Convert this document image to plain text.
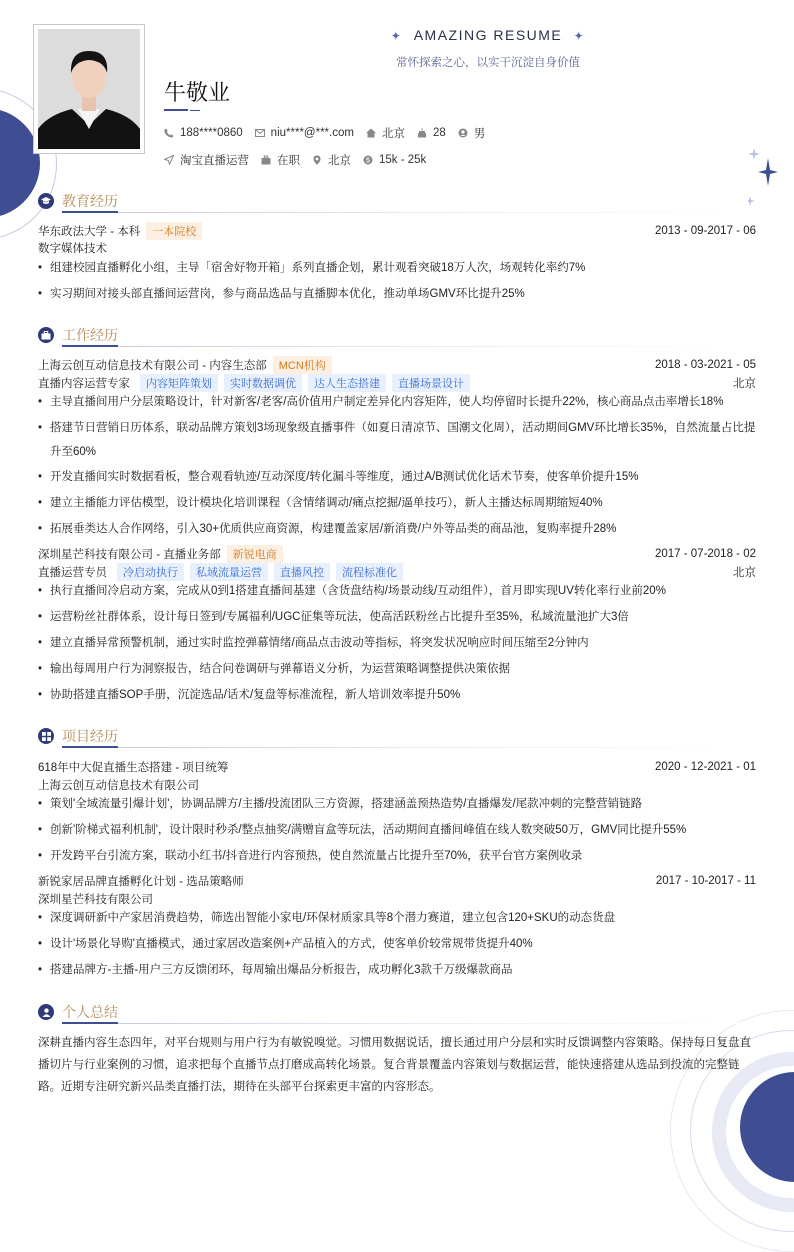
✦ AMAZING RESUME ✦
常怀探索之心，以实干沉淀自身价值
牛敬业
188****0860 niu****@***.com 北京 28 男
淘宝直播运营 在职 北京 $ 15k - 25k
教育经历
华东政法大学 - 本科	一本院校	2013 - 09-2017 - 06
数字媒体技术
• 组建校园直播孵化小组，主导「宿舍好物开箱」系列直播企划，累计观看突破18万人次，场观转化率约7%
• 实习期间对接头部直播间运营岗，参与商品选品与直播脚本优化，推动单场GMV环比提升25%
工作经历
上海云创互动信息技术有限公司 - 内容生态部	MCN机构	2018 - 03-2021 - 05
直播内容运营专家	内容矩阵策划	实时数据调优	达人生态搭建	直播场景设计	北京
• 主导直播间用户分层策略设计，针对新客/老客/高价值用户制定差异化内容矩阵，使人均停留时长提升22%，核心商品点击率增长18%
• 搭建节日营销日历体系，联动品牌方策划3场现象级直播事件（如夏日清凉节、国潮文化周），活动期间GMV环比增长35%，自然流量占比提升至60%
• 开发直播间实时数据看板，整合观看轨迹/互动深度/转化漏斗等维度，通过A/B测试优化话术节奏，使客单价提升15%
• 建立主播能力评估模型，设计模块化培训课程（含情绪调动/痛点挖掘/逼单技巧），新人主播达标周期缩短40%
• 拓展垂类达人合作网络，引入30+优质供应商资源，构建覆盖家居/新消费/户外等品类的商品池，复购率提升28%
深圳星芒科技有限公司 - 直播业务部	新锐电商	2017 - 07-2018 - 02
直播运营专员	冷启动执行	私域流量运营	直播风控	流程标准化	北京
• 执行直播间冷启动方案，完成从0到1搭建直播间基建（含货盘结构/场景动线/互动组件），首月即实现UV转化率行业前20%
• 运营粉丝社群体系，设计每日签到/专属福利/UGC征集等玩法，使高活跃粉丝占比提升至35%，私域流量池扩大3倍
• 建立直播异常预警机制，通过实时监控弹幕情绪/商品点击波动等指标，将突发状况响应时间压缩至2分钟内
• 输出每周用户行为洞察报告，结合问卷调研与弹幕语义分析，为运营策略调整提供决策依据
• 协助搭建直播SOP手册，沉淀选品/话术/复盘等标准流程，新人培训效率提升50%
项目经历
618年中大促直播生态搭建 - 项目统筹	2020 - 12-2021 - 01
上海云创互动信息技术有限公司
• 策划'全域流量引爆计划'，协调品牌方/主播/投流团队三方资源，搭建涵盖预热造势/直播爆发/尾款冲刺的完整营销链路
• 创新'阶梯式福利机制'，设计限时秒杀/整点抽奖/满赠盲盒等玩法，活动期间直播间峰值在线人数突破50万，GMV同比提升55%
• 开发跨平台引流方案，联动小红书/抖音进行内容预热，使自然流量占比提升至70%，获平台官方案例收录
新锐家居品牌直播孵化计划 - 选品策略师	2017 - 10-2017 - 11
深圳星芒科技有限公司
• 深度调研新中产家居消费趋势，筛选出智能小家电/环保材质家具等8个潜力赛道，建立包含120+SKU的动态货盘
• 设计'场景化导购'直播模式，通过家居改造案例+产品植入的方式，使客单价较常规带货提升40%
• 搭建品牌方-主播-用户三方反馈闭环，每周输出爆品分析报告，成功孵化3款千万级爆款商品
个人总结
深耕直播内容生态四年，对平台规则与用户行为有敏锐嗅觉。习惯用数据说话，擅长通过用户分层和实时反馈调整内容策略。保持每日复盘直播切片与行业案例的习惯，追求把每个直播节点打磨成高转化场景。复合背景覆盖内容策划与数据运营，能快速搭建从选品到投流的完整链路。近期专注研究新兴品类直播打法，期待在头部平台探索更丰富的内容形态。
